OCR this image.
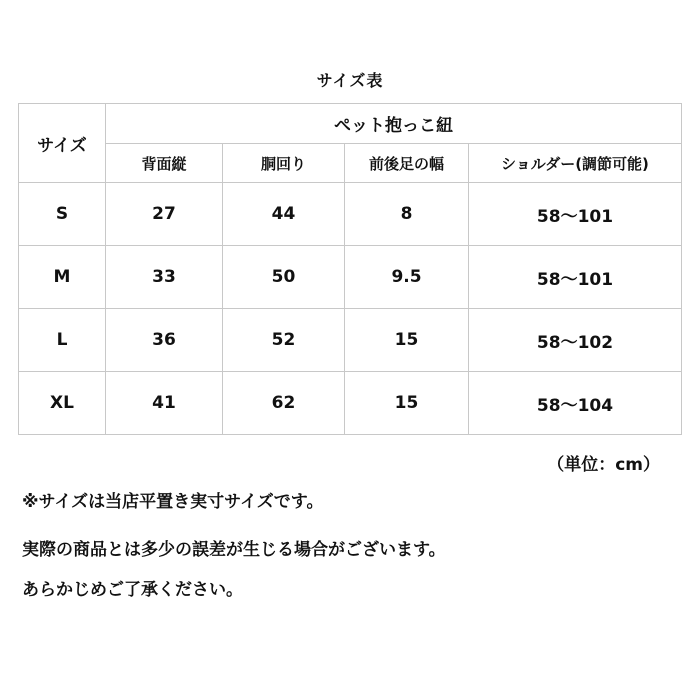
サイズ表
サイズ	ペット抱っこ紐			
	背面縦	胴回り	前後足の幅	ショルダー(調節可能)
S	27	44	8	58～101
M	33	50	9.5	58～101
L	36	52	15	58～102
XL	41	62	15	58～104
（単位：cm）
※サイズは当店平置き実寸サイズです。
実際の商品とは多少の誤差が生じる場合がございます。
あらかじめご了承ください。
